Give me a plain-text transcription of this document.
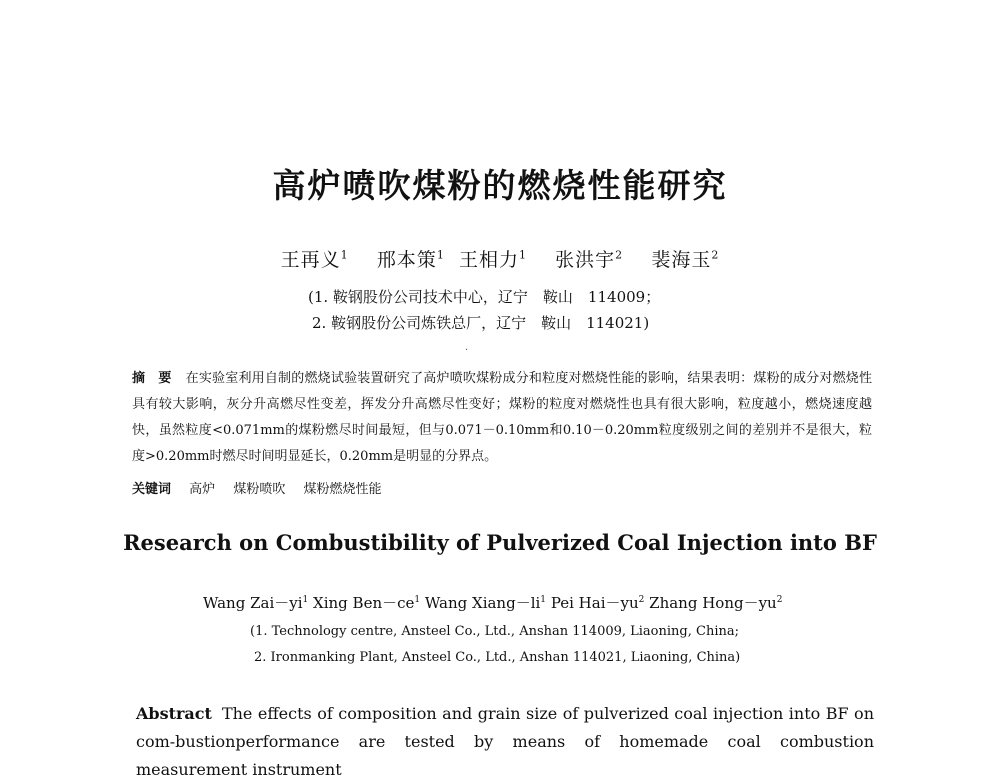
高炉喷吹煤粉的燃烧性能研究
王再义$^1$ 邢本策$^1$ 王相力$^1$ 张洪宇$^2$ 裴海玉$^2$
(1. 鞍钢股份公司技术中心，辽宁　鞍山　114009；
2. 鞍钢股份公司炼铁总厂，辽宁　鞍山　114021)
·
摘　要 在实验室利用自制的燃烧试验装置研究了高炉喷吹煤粉成分和粒度对燃烧性能的影响，结果表明：煤粉的成分对燃烧性具有较大影响，灰分升高燃尽性变差，挥发分升高燃尽性变好；煤粉的粒度对燃烧性也具有很大影响，粒度越小，燃烧速度越快，虽然粒度<0.071mm的煤粉燃尽时间最短，但与0.071－0.10mm和0.10－0.20mm粒度级别之间的差别并不是很大，粒度>0.20mm时燃尽时间明显延长，0.20mm是明显的分界点。
关键词 高炉 煤粉喷吹 煤粉燃烧性能
Research on Combustibility of Pulverized Coal Injection into BF
Wang $Zai-yi^1$ Xing $Ben-ce^1$ Wang $Xiang-li^1$ Pei $Hai-yu^2$ Zhang $Hong-yu^2$
(1. Technology centre, Ansteel Co., Ltd., Anshan 114009, Liaoning, China;
2. Ironmanking Plant, Ansteel Co., Ltd., Anshan 114021, Liaoning, China)
Abstract The effects of composition and grain size of pulverized coal injection into BF on com-bustionperformance are tested by means of homemade coal combustion measurement instrument
